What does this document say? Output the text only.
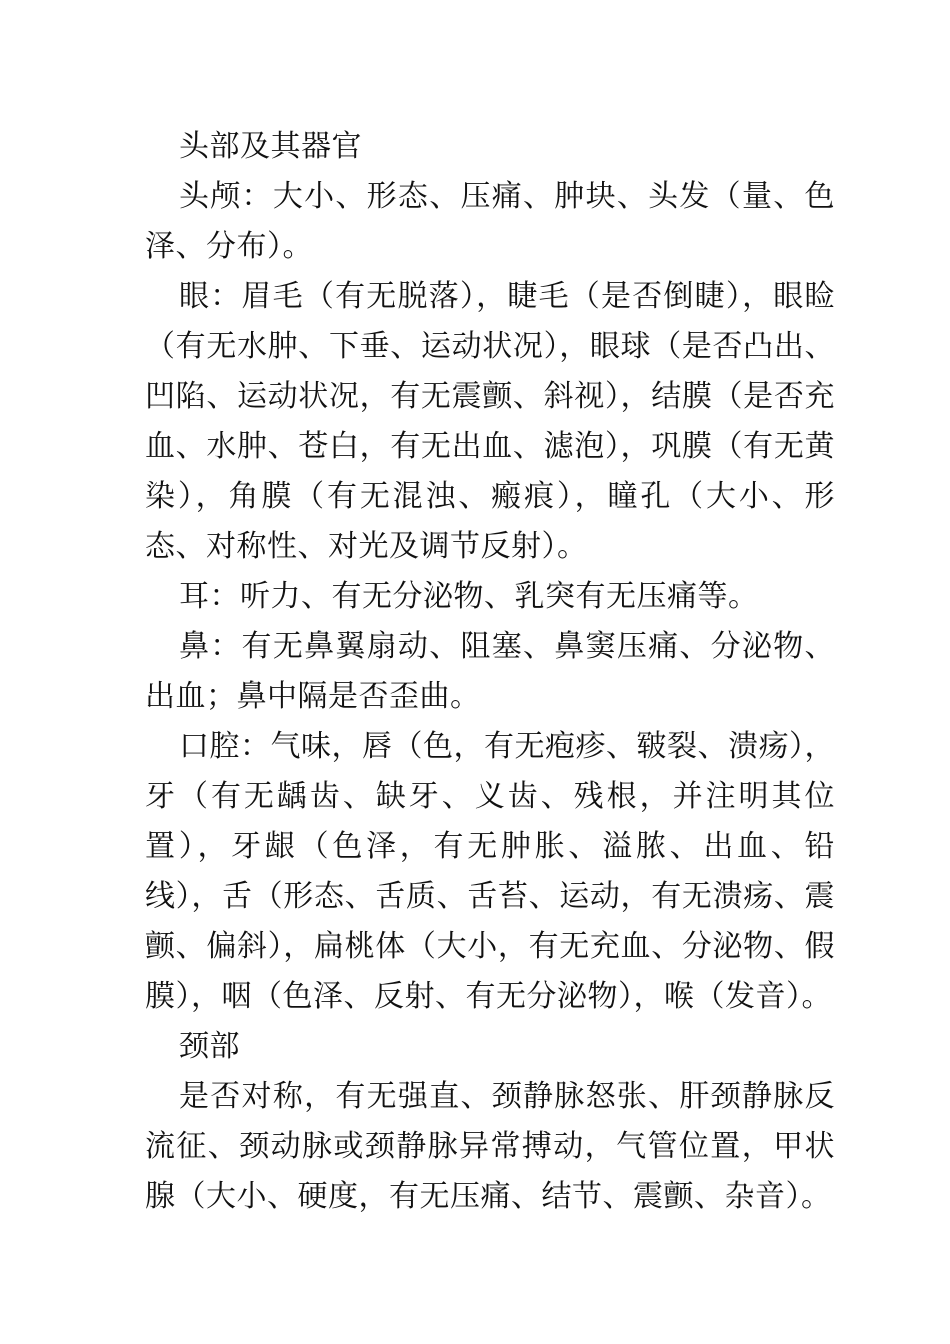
头部及其器官

头颅：大小、形态、压痛、肿块、头发（量、色泽、分布）。

眼：眉毛（有无脱落），睫毛（是否倒睫），眼睑（有无水肿、下垂、运动状况），眼球（是否凸出、凹陷、运动状况，有无震颤、斜视），结膜（是否充血、水肿、苍白，有无出血、滤泡），巩膜（有无黄染），角膜（有无混浊、瘢痕），瞳孔（大小、形态、对称性、对光及调节反射）。

耳：听力、有无分泌物、乳突有无压痛等。

鼻：有无鼻翼扇动、阻塞、鼻窦压痛、分泌物、出血；鼻中隔是否歪曲。

口腔：气味，唇（色，有无疱疹、皲裂、溃疡），牙（有无龋齿、缺牙、义齿、残根，并注明其位置），牙龈（色泽，有无肿胀、溢脓、出血、铅线），舌（形态、舌质、舌苔、运动，有无溃疡、震颤、偏斜），扁桃体（大小，有无充血、分泌物、假膜），咽（色泽、反射、有无分泌物），喉（发音）。

颈部

是否对称，有无强直、颈静脉怒张、肝颈静脉反流征、颈动脉或颈静脉异常搏动，气管位置，甲状腺（大小、硬度，有无压痛、结节、震颤、杂音）。
